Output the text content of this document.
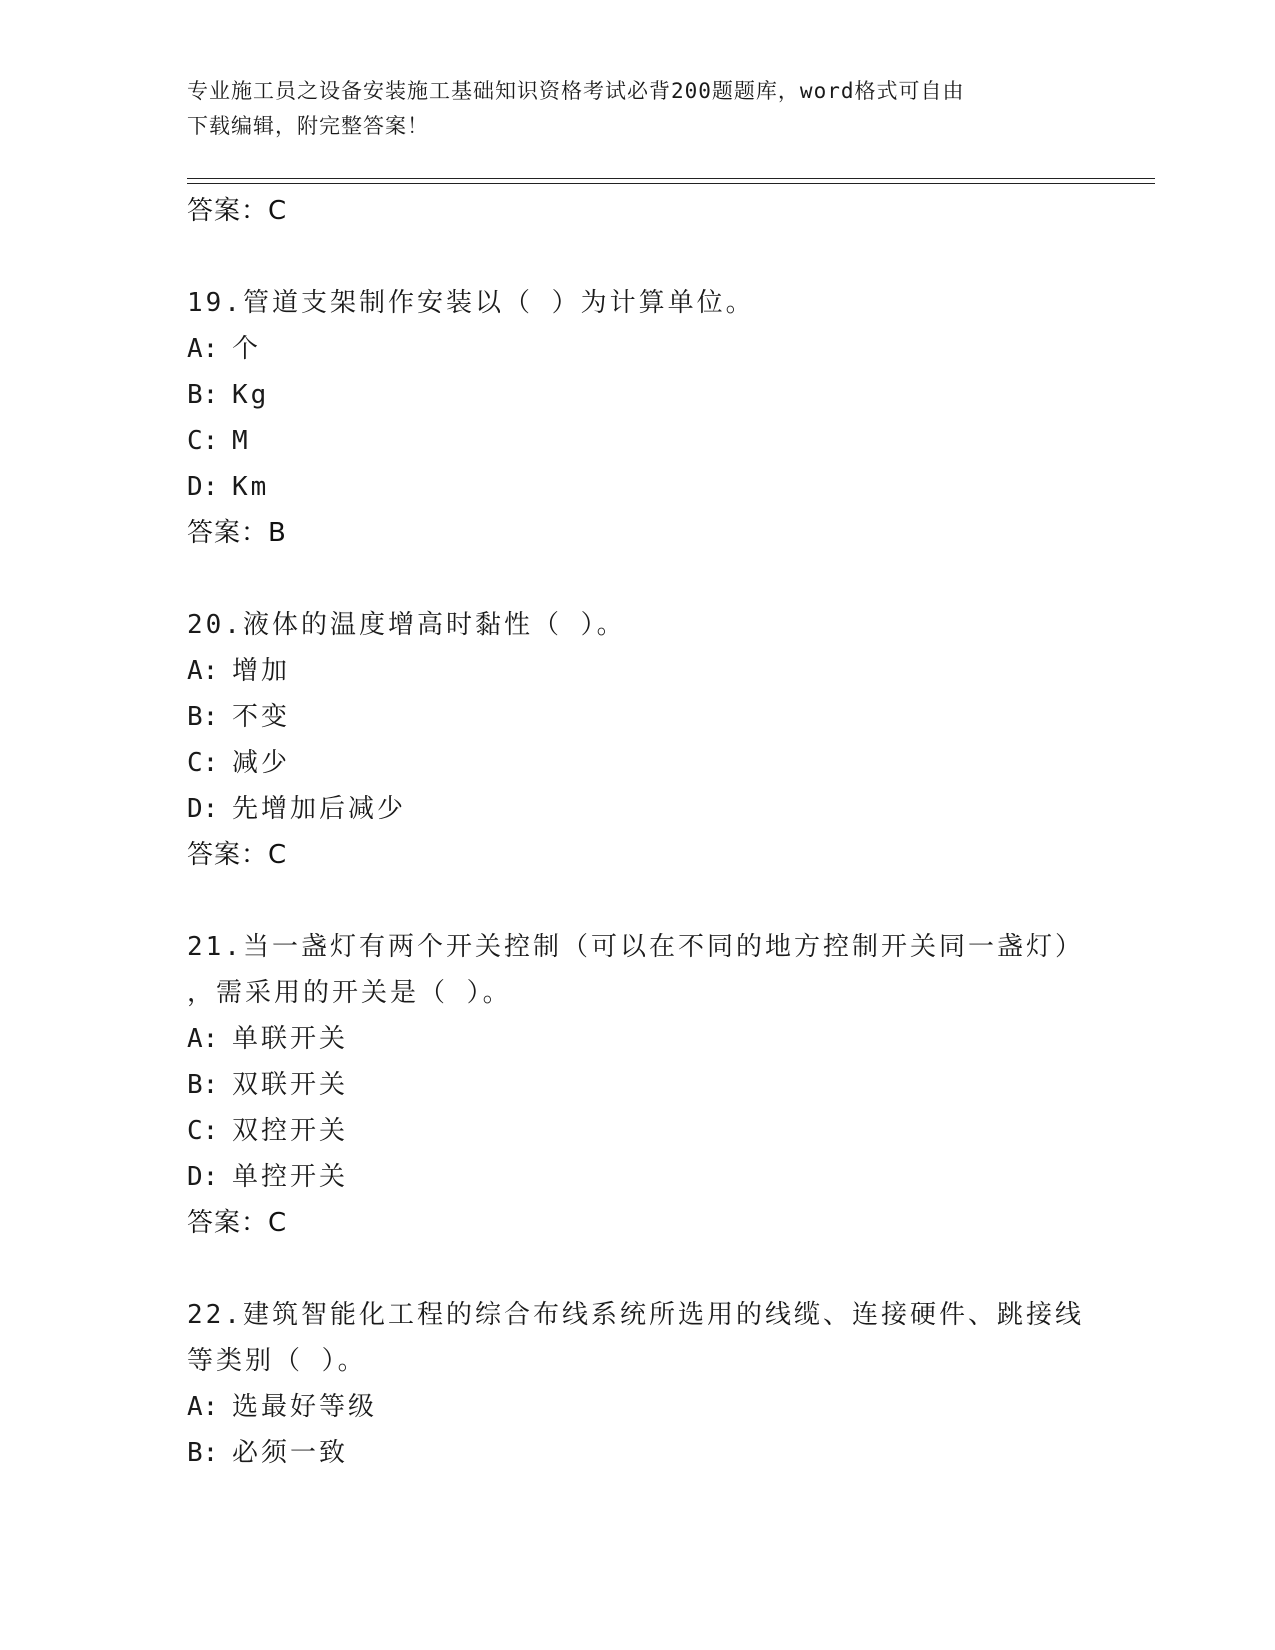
专业施工员之设备安装施工基础知识资格考试必背200题题库，word格式可自由
下载编辑，附完整答案！
答案：C
19.管道支架制作安装以（ ）为计算单位。
A: 个
B: Kg
C: M
D: Km
答案：B
20.液体的温度增高时黏性（ ）。
A: 增加
B: 不变
C: 减少
D: 先增加后减少
答案：C
21.当一盏灯有两个开关控制（可以在不同的地方控制开关同一盏灯）
，需采用的开关是（ ）。
A: 单联开关
B: 双联开关
C: 双控开关
D: 单控开关
答案：C
22.建筑智能化工程的综合布线系统所选用的线缆、连接硬件、跳接线
等类别（ ）。
A: 选最好等级
B: 必须一致
